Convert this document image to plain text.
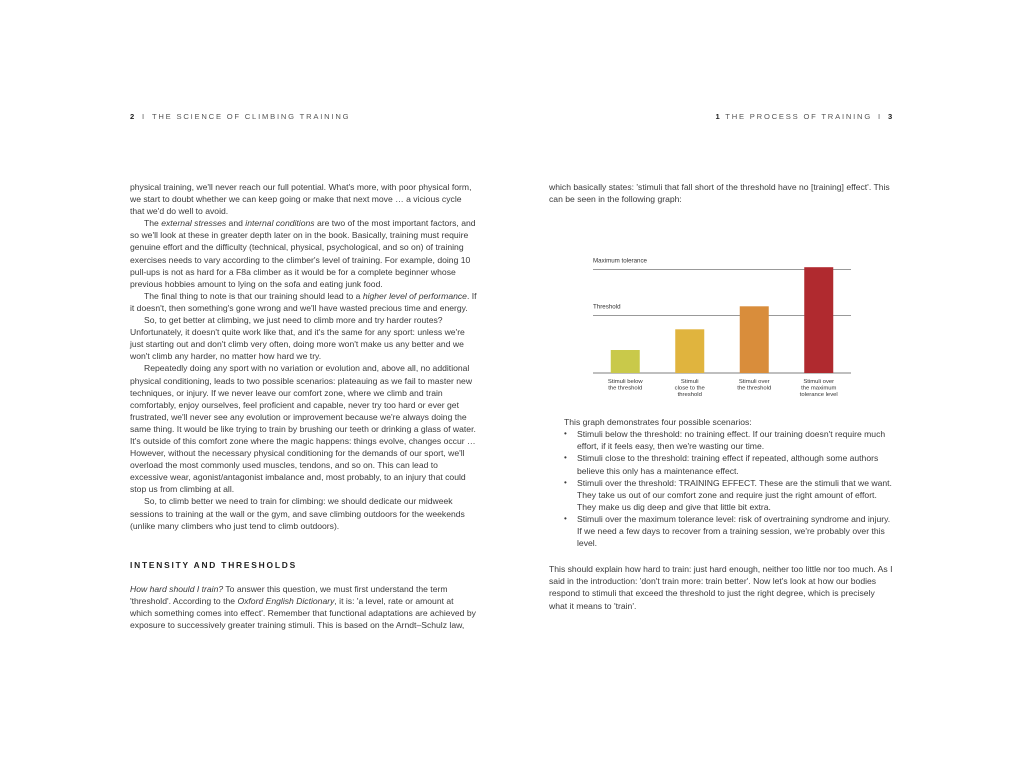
2 I THE SCIENCE OF CLIMBING TRAINING	1 THE PROCESS OF TRAINING I 3

physical training, we'll never reach our full potential. What's more, with poor physical form, we start to doubt whether we can keep going or make that next move … a vicious cycle that we'd do well to avoid.

The external stresses and internal conditions are two of the most important factors, and so we'll look at these in greater depth later on in the book. Basically, training must require genuine effort and the difficulty (technical, physical, psychological, and so on) of training exercises needs to vary according to the climber's level of training. For example, doing 10 pull-ups is not as hard for a F8a climber as it would be for a complete beginner whose previous hobbies amount to lying on the sofa and eating junk food.

The final thing to note is that our training should lead to a higher level of performance. If it doesn't, then something's gone wrong and we'll have wasted precious time and energy.

So, to get better at climbing, we just need to climb more and try harder routes? Unfortunately, it doesn't quite work like that, and it's the same for any sport: unless we're just starting out and don't climb very often, doing more won't make us any better and we won't climb any harder, no matter how hard we try.

Repeatedly doing any sport with no variation or evolution and, above all, no additional physical conditioning, leads to two possible scenarios: plateauing as we fail to master new techniques, or injury. If we never leave our comfort zone, where we climb and train comfortably, enjoy ourselves, feel proficient and capable, never try too hard or ever get frustrated, we'll never see any evolution or improvement because we're always doing the same thing. It would be like trying to train by brushing our teeth or drinking a glass of water. It's outside of this comfort zone where the magic happens: things evolve, changes occur … However, without the necessary physical conditioning for the demands of our sport, we'll overload the most commonly used muscles, tendons, and so on. This can lead to excessive wear, agonist/antagonist imbalance and, most probably, to an injury that could stop us from climbing at all.

So, to climb better we need to train for climbing: we should dedicate our midweek sessions to training at the wall or the gym, and save climbing outdoors for the weekends (unlike many climbers who just tend to climb outdoors).

INTENSITY AND THRESHOLDS

How hard should I train? To answer this question, we must first understand the term 'threshold'. According to the Oxford English Dictionary, it is: 'a level, rate or amount at which something comes into effect'. Remember that functional adaptations are achieved by exposure to successively greater training stimuli. This is based on the Arndt–Schulz law,

which basically states: 'stimuli that fall short of the threshold have no [training] effect'. This can be seen in the following graph:

Maximum tolerance
Threshold
Stimuli below the threshold
Stimuli close to the threshold
Stimuli over the threshold
Stimuli over the maximum tolerance level

This graph demonstrates four possible scenarios:

• Stimuli below the threshold: no training effect. If our training doesn't require much effort, if it feels easy, then we're wasting our time.
• Stimuli close to the threshold: training effect if repeated, although some authors believe this only has a maintenance effect.
• Stimuli over the threshold: TRAINING EFFECT. These are the stimuli that we want. They take us out of our comfort zone and require just the right amount of effort. They make us dig deep and give that little bit extra.
• Stimuli over the maximum tolerance level: risk of overtraining syndrome and injury. If we need a few days to recover from a training session, we're probably over this level.

This should explain how hard to train: just hard enough, neither too little nor too much. As I said in the introduction: 'don't train more: train better'. Now let's look at how our bodies respond to stimuli that exceed the threshold to just the right degree, which is precisely what it means to 'train'.
